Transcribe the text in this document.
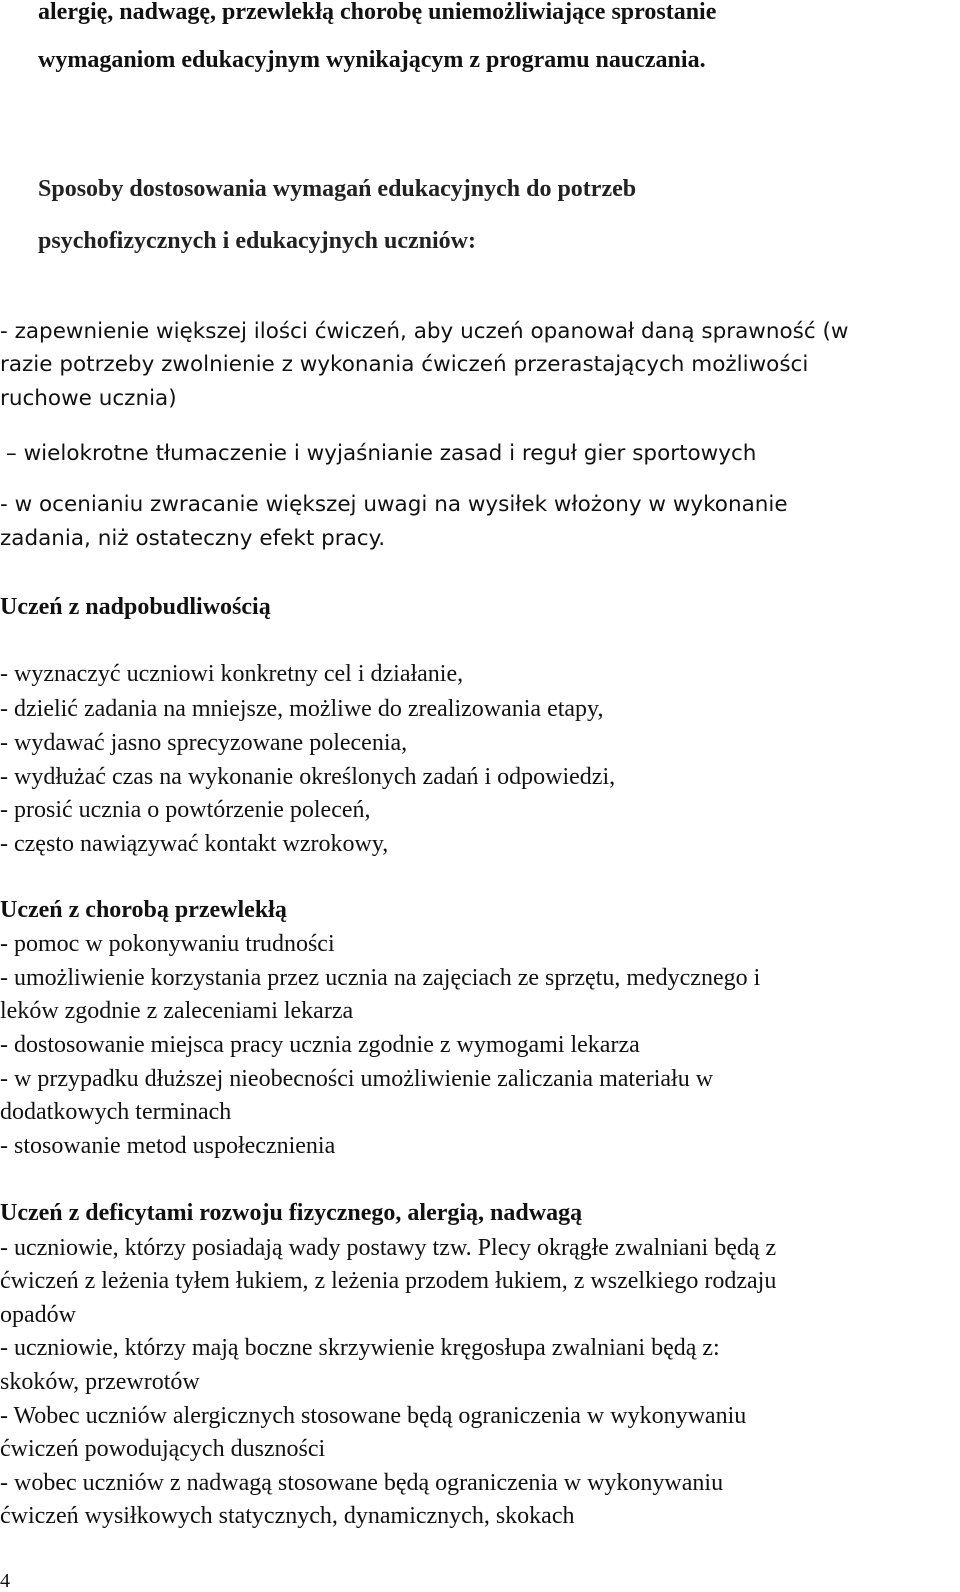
alergię, nadwagę, przewlekłą chorobę uniemożliwiające sprostanie

wymaganiom edukacyjnym wynikającym z programu nauczania.

Sposoby dostosowania wymagań edukacyjnych do potrzeb

psychofizycznych i edukacyjnych uczniów:

- zapewnienie większej ilości ćwiczeń, aby uczeń opanował daną sprawność (w

razie potrzeby zwolnienie z wykonania ćwiczeń przerastających możliwości

ruchowe ucznia)

– wielokrotne tłumaczenie i wyjaśnianie zasad i reguł gier sportowych

- w ocenianiu zwracanie większej uwagi na wysiłek włożony w wykonanie

zadania, niż ostateczny efekt pracy.

Uczeń z nadpobudliwością

- wyznaczyć uczniowi konkretny cel i działanie,

- dzielić zadania na mniejsze, możliwe do zrealizowania etapy,

- wydawać jasno sprecyzowane polecenia,

- wydłużać czas na wykonanie określonych zadań i odpowiedzi,

- prosić ucznia o powtórzenie poleceń,

- często nawiązywać kontakt wzrokowy,

Uczeń z chorobą przewlekłą

- pomoc w pokonywaniu trudności

- umożliwienie korzystania przez ucznia na zajęciach ze sprzętu, medycznego i

leków zgodnie z zaleceniami lekarza

- dostosowanie miejsca pracy ucznia zgodnie z wymogami lekarza

- w przypadku dłuższej nieobecności umożliwienie zaliczania materiału w

dodatkowych terminach

- stosowanie metod uspołecznienia

Uczeń z deficytami rozwoju fizycznego, alergią, nadwagą

- uczniowie, którzy posiadają wady postawy tzw. Plecy okrągłe zwalniani będą z

ćwiczeń z leżenia tyłem łukiem, z leżenia przodem łukiem, z wszelkiego rodzaju

opadów

- uczniowie, którzy mają boczne skrzywienie kręgosłupa zwalniani będą z:

skoków, przewrotów

- Wobec uczniów alergicznych stosowane będą ograniczenia w wykonywaniu

ćwiczeń powodujących duszności

- wobec uczniów z nadwagą stosowane będą ograniczenia w wykonywaniu

ćwiczeń wysiłkowych statycznych, dynamicznych, skokach

4
